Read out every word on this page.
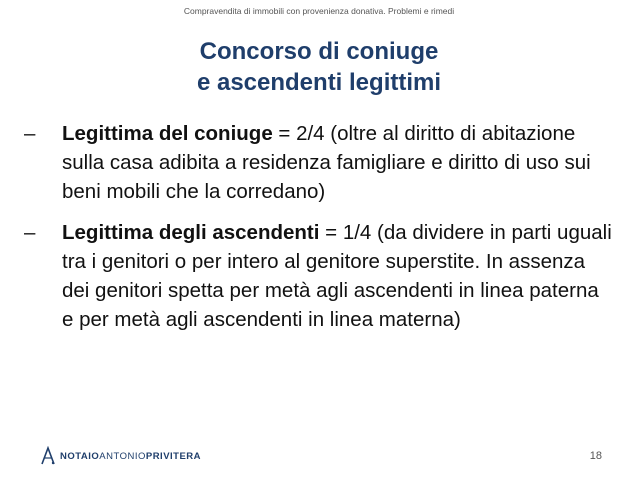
Compravendita di immobili con provenienza donativa. Problemi e rimedi
Concorso di coniuge
e ascendenti legittimi
– Legittima del coniuge = 2/4 (oltre al diritto di abitazione sulla casa adibita a residenza famigliare e diritto di uso sui beni mobili che la corredano)
– Legittima degli ascendenti = 1/4 (da dividere in parti uguali tra i genitori o per intero al genitore superstite. In assenza dei genitori spetta per metà agli ascendenti in linea paterna e per metà agli ascendenti in linea materna)
NOTAIOANTONIOPRIVITERA	18
